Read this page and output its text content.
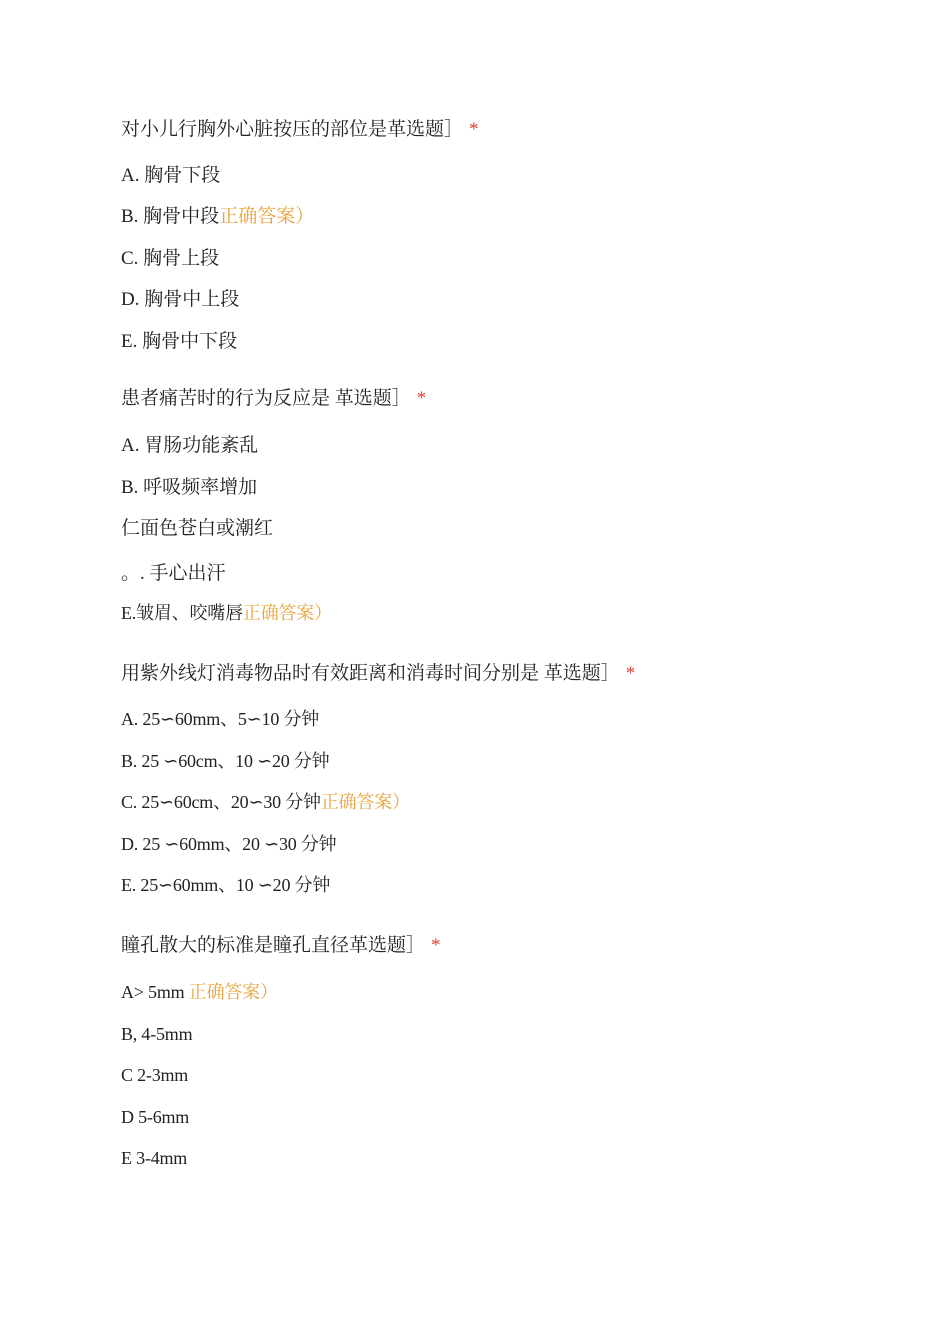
对小儿行胸外心脏按压的部位是革选题］ *
A. 胸骨下段
B. 胸骨中段正确答案）
C. 胸骨上段
D. 胸骨中上段
E. 胸骨中下段
患者痛苦时的行为反应是 革选题］ *
A. 胃肠功能紊乱
B. 呼吸频率增加
仁面色苍白或潮红
。. 手心出汗
E.皱眉、咬嘴唇正确答案）
用紫外线灯消毒物品时有效距离和消毒时间分别是 革选题］ *
A. 25∽60mm、5∽10 分钟
B. 25 ∽60cm、10 ∽20 分钟
C. 25∽60cm、20∽30 分钟正确答案）
D. 25 ∽60mm、20 ∽30 分钟
E. 25∽60mm、10 ∽20 分钟
瞳孔散大的标准是瞳孔直径革选题］ *
A> 5mm 正确答案）
B, 4-5mm
C 2-3mm
D 5-6mm
E 3-4mm
